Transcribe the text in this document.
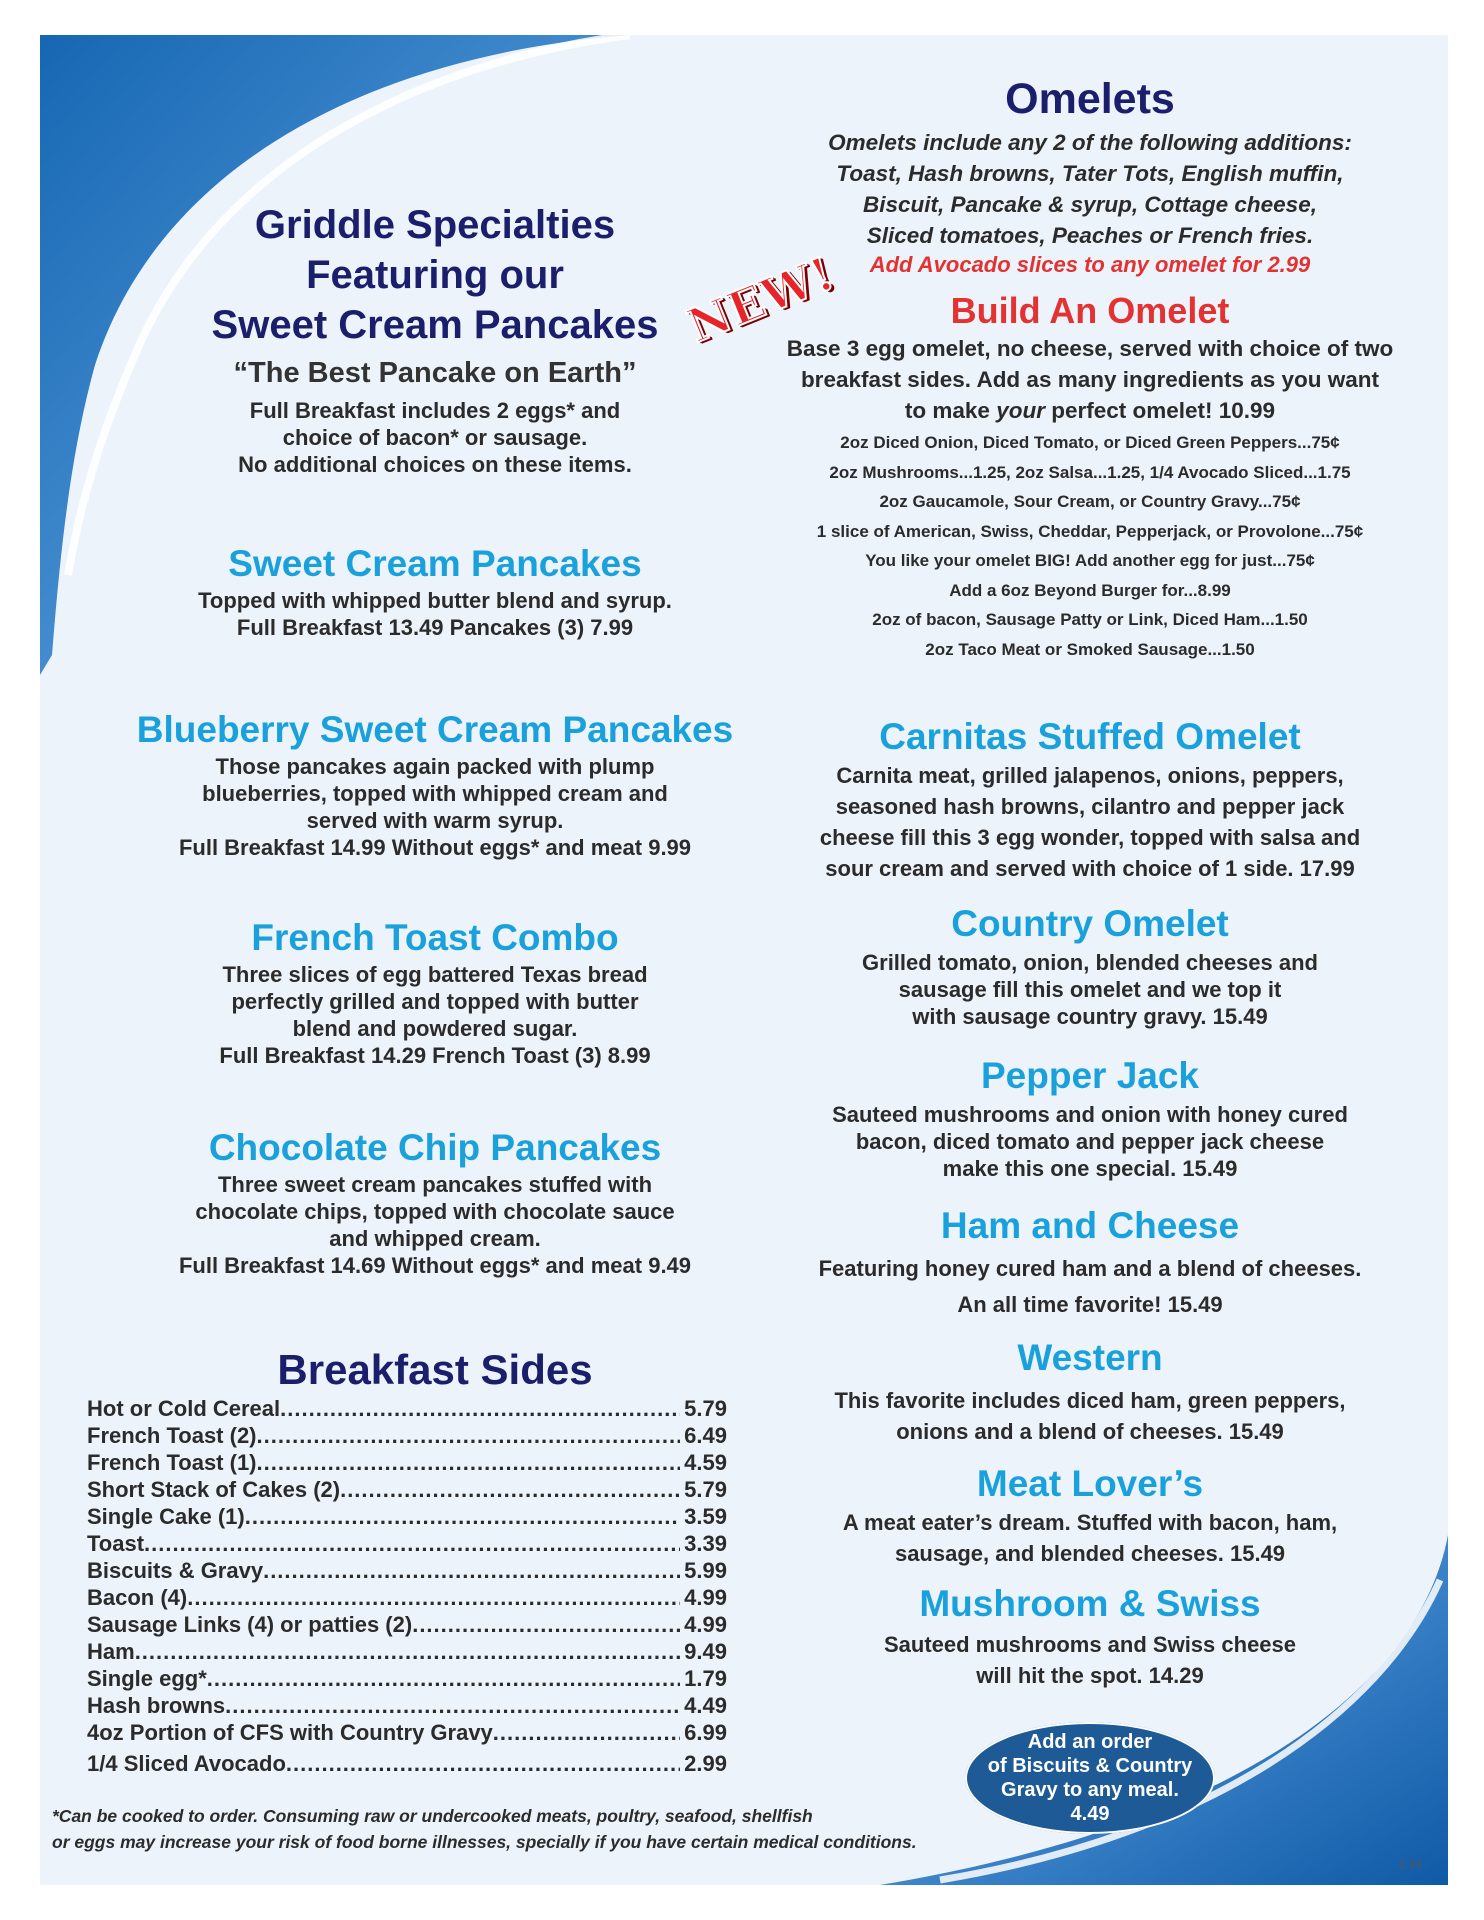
Griddle Specialties
Featuring our
Sweet Cream Pancakes
“The Best Pancake on Earth”
Full Breakfast includes 2 eggs* and
choice of bacon* or sausage.
No additional choices on these items.
Sweet Cream Pancakes
Topped with whipped butter blend and syrup.
Full Breakfast 13.49 Pancakes (3) 7.99
Blueberry Sweet Cream Pancakes
Those pancakes again packed with plump
blueberries, topped with whipped cream and
served with warm syrup.
Full Breakfast 14.99 Without eggs* and meat 9.99
French Toast Combo
Three slices of egg battered Texas bread
perfectly grilled and topped with butter
blend and powdered sugar.
Full Breakfast 14.29 French Toast (3) 8.99
Chocolate Chip Pancakes
Three sweet cream pancakes stuffed with
chocolate chips, topped with chocolate sauce
and whipped cream.
Full Breakfast 14.69 Without eggs* and meat 9.49
Breakfast Sides
Hot or Cold Cereal .....	5.79
French Toast (2) .....	6.49
French Toast (1) .....	4.59
Short Stack of Cakes (2) .....	5.79
Single Cake (1) .....	3.59
Toast .....	3.39
Biscuits & Gravy .....	5.99
Bacon (4) .....	4.99
Sausage Links (4) or patties (2) .....	4.99
Ham .....	9.49
Single egg* .....	1.79
Hash browns .....	4.49
4oz Portion of CFS with Country Gravy .....	6.99
1/4 Sliced Avocado .....	2.99
Omelets
Omelets include any 2 of the following additions:
Toast, Hash browns, Tater Tots, English muffin,
Biscuit, Pancake & syrup, Cottage cheese,
Sliced tomatoes, Peaches or French fries.
Add Avocado slices to any omelet for 2.99
Build An Omelet
Base 3 egg omelet, no cheese, served with choice of two
breakfast sides. Add as many ingredients as you want
to make your perfect omelet! 10.99
2oz Diced Onion, Diced Tomato, or Diced Green Peppers...75¢
2oz Mushrooms...1.25, 2oz Salsa...1.25, 1/4 Avocado Sliced...1.75
2oz Gaucamole, Sour Cream, or Country Gravy...75¢
1 slice of American, Swiss, Cheddar, Pepperjack, or Provolone...75¢
You like your omelet BIG! Add another egg for just...75¢
Add a 6oz Beyond Burger for...8.99
2oz of bacon, Sausage Patty or Link, Diced Ham...1.50
2oz Taco Meat or Smoked Sausage...1.50
Carnitas Stuffed Omelet
Carnita meat, grilled jalapenos, onions, peppers,
seasoned hash browns, cilantro and pepper jack
cheese fill this 3 egg wonder, topped with salsa and
sour cream and served with choice of 1 side. 17.99
Country Omelet
Grilled tomato, onion, blended cheeses and
sausage fill this omelet and we top it
with sausage country gravy. 15.49
Pepper Jack
Sauteed mushrooms and onion with honey cured
bacon, diced tomato and pepper jack cheese
make this one special. 15.49
Ham and Cheese
Featuring honey cured ham and a blend of cheeses.
An all time favorite! 15.49
Western
This favorite includes diced ham, green peppers,
onions and a blend of cheeses. 15.49
Meat Lover’s
A meat eater’s dream. Stuffed with bacon, ham,
sausage, and blended cheeses. 15.49
Mushroom & Swiss
Sauteed mushrooms and Swiss cheese
will hit the spot. 14.29
NEW!
Add an order
of Biscuits & Country
Gravy to any meal.
4.49
*Can be cooked to order. Consuming raw or undercooked meats, poultry, seafood, shellfish
or eggs may increase your risk of food borne illnesses, specially if you have certain medical conditions.
1.24
